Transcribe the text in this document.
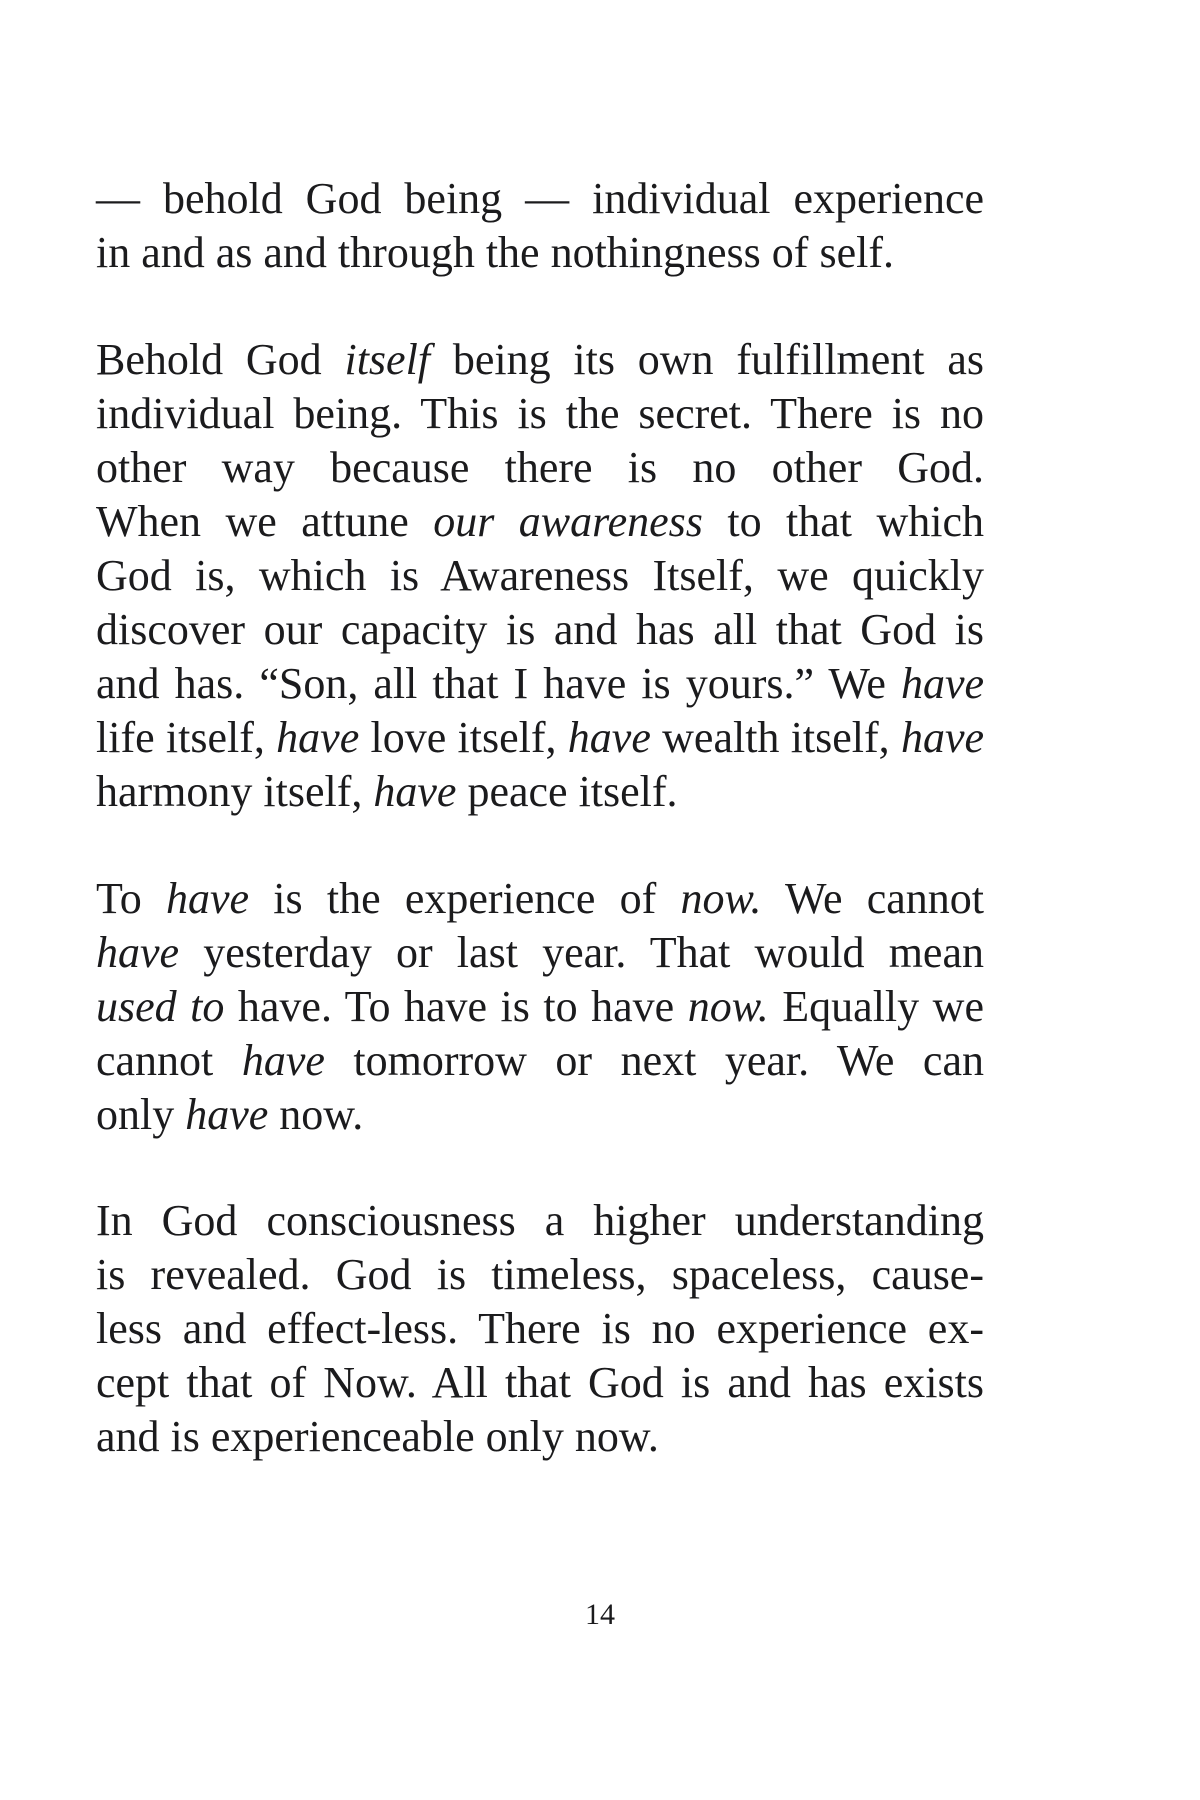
— behold God being — individual experience
in and as and through the nothingness of self.
Behold God itself being its own fulfillment as
individual being. This is the secret. There is no
other way because there is no other God.
When we attune our awareness to that which
God is, which is Awareness Itself, we quickly
discover our capacity is and has all that God is
and has. “Son, all that I have is yours.” We have
life itself, have love itself, have wealth itself, have
harmony itself, have peace itself.
To have is the experience of now. We cannot
have yesterday or last year. That would mean
used to have. To have is to have now. Equally we
cannot have tomorrow or next year. We can
only have now.
In God consciousness a higher understanding
is revealed. God is timeless, spaceless, cause-
less and effect-less. There is no experience ex-
cept that of Now. All that God is and has exists
and is experienceable only now.
14
